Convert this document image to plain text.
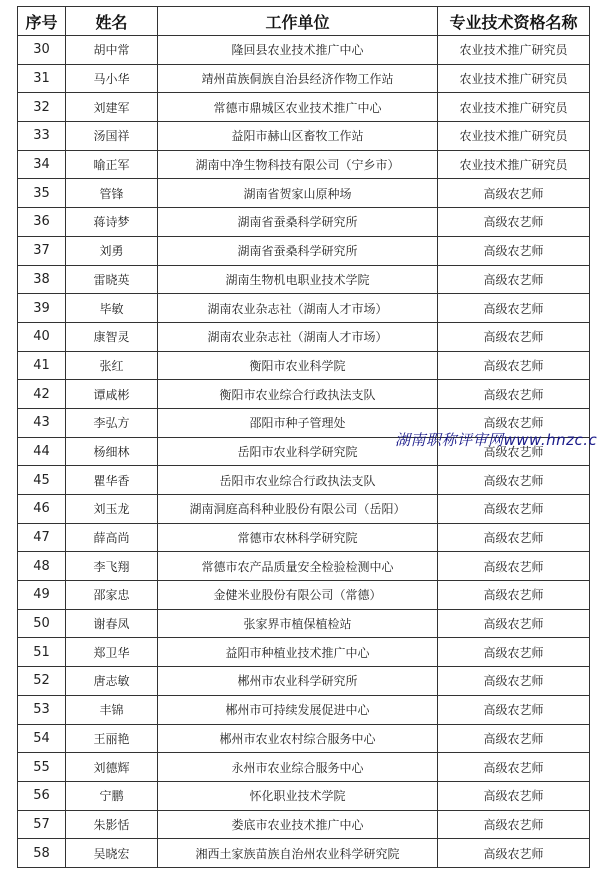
序号	姓名	工作单位	专业技术资格名称
30	胡中常	隆回县农业技术推广中心	农业技术推广研究员
31	马小华	靖州苗族侗族自治县经济作物工作站	农业技术推广研究员
32	刘建军	常德市鼎城区农业技术推广中心	农业技术推广研究员
33	汤国祥	益阳市赫山区畜牧工作站	农业技术推广研究员
34	喻正军	湖南中净生物科技有限公司（宁乡市）	农业技术推广研究员
35	管锋	湖南省贺家山原种场	高级农艺师
36	蒋诗梦	湖南省蚕桑科学研究所	高级农艺师
37	刘勇	湖南省蚕桑科学研究所	高级农艺师
38	雷晓英	湖南生物机电职业技术学院	高级农艺师
39	毕敏	湖南农业杂志社（湖南人才市场）	高级农艺师
40	康智灵	湖南农业杂志社（湖南人才市场）	高级农艺师
41	张红	衡阳市农业科学院	高级农艺师
42	谭咸彬	衡阳市农业综合行政执法支队	高级农艺师
43	李弘方	邵阳市种子管理处	高级农艺师
44	杨细林	岳阳市农业科学研究院	高级农艺师
45	瞿华香	岳阳市农业综合行政执法支队	高级农艺师
46	刘玉龙	湖南洞庭高科种业股份有限公司（岳阳）	高级农艺师
47	薛高尚	常德市农林科学研究院	高级农艺师
48	李飞翔	常德市农产品质量安全检验检测中心	高级农艺师
49	邵家忠	金健米业股份有限公司（常德）	高级农艺师
50	谢春凤	张家界市植保植检站	高级农艺师
51	郑卫华	益阳市种植业技术推广中心	高级农艺师
52	唐志敏	郴州市农业科学研究所	高级农艺师
53	丰锦	郴州市可持续发展促进中心	高级农艺师
54	王丽艳	郴州市农业农村综合服务中心	高级农艺师
55	刘德辉	永州市农业综合服务中心	高级农艺师
56	宁鹏	怀化职业技术学院	高级农艺师
57	朱影恬	娄底市农业技术推广中心	高级农艺师
58	吴晓宏	湘西土家族苗族自治州农业科学研究院	高级农艺师
湖南职称评审网www.hnzc.c
